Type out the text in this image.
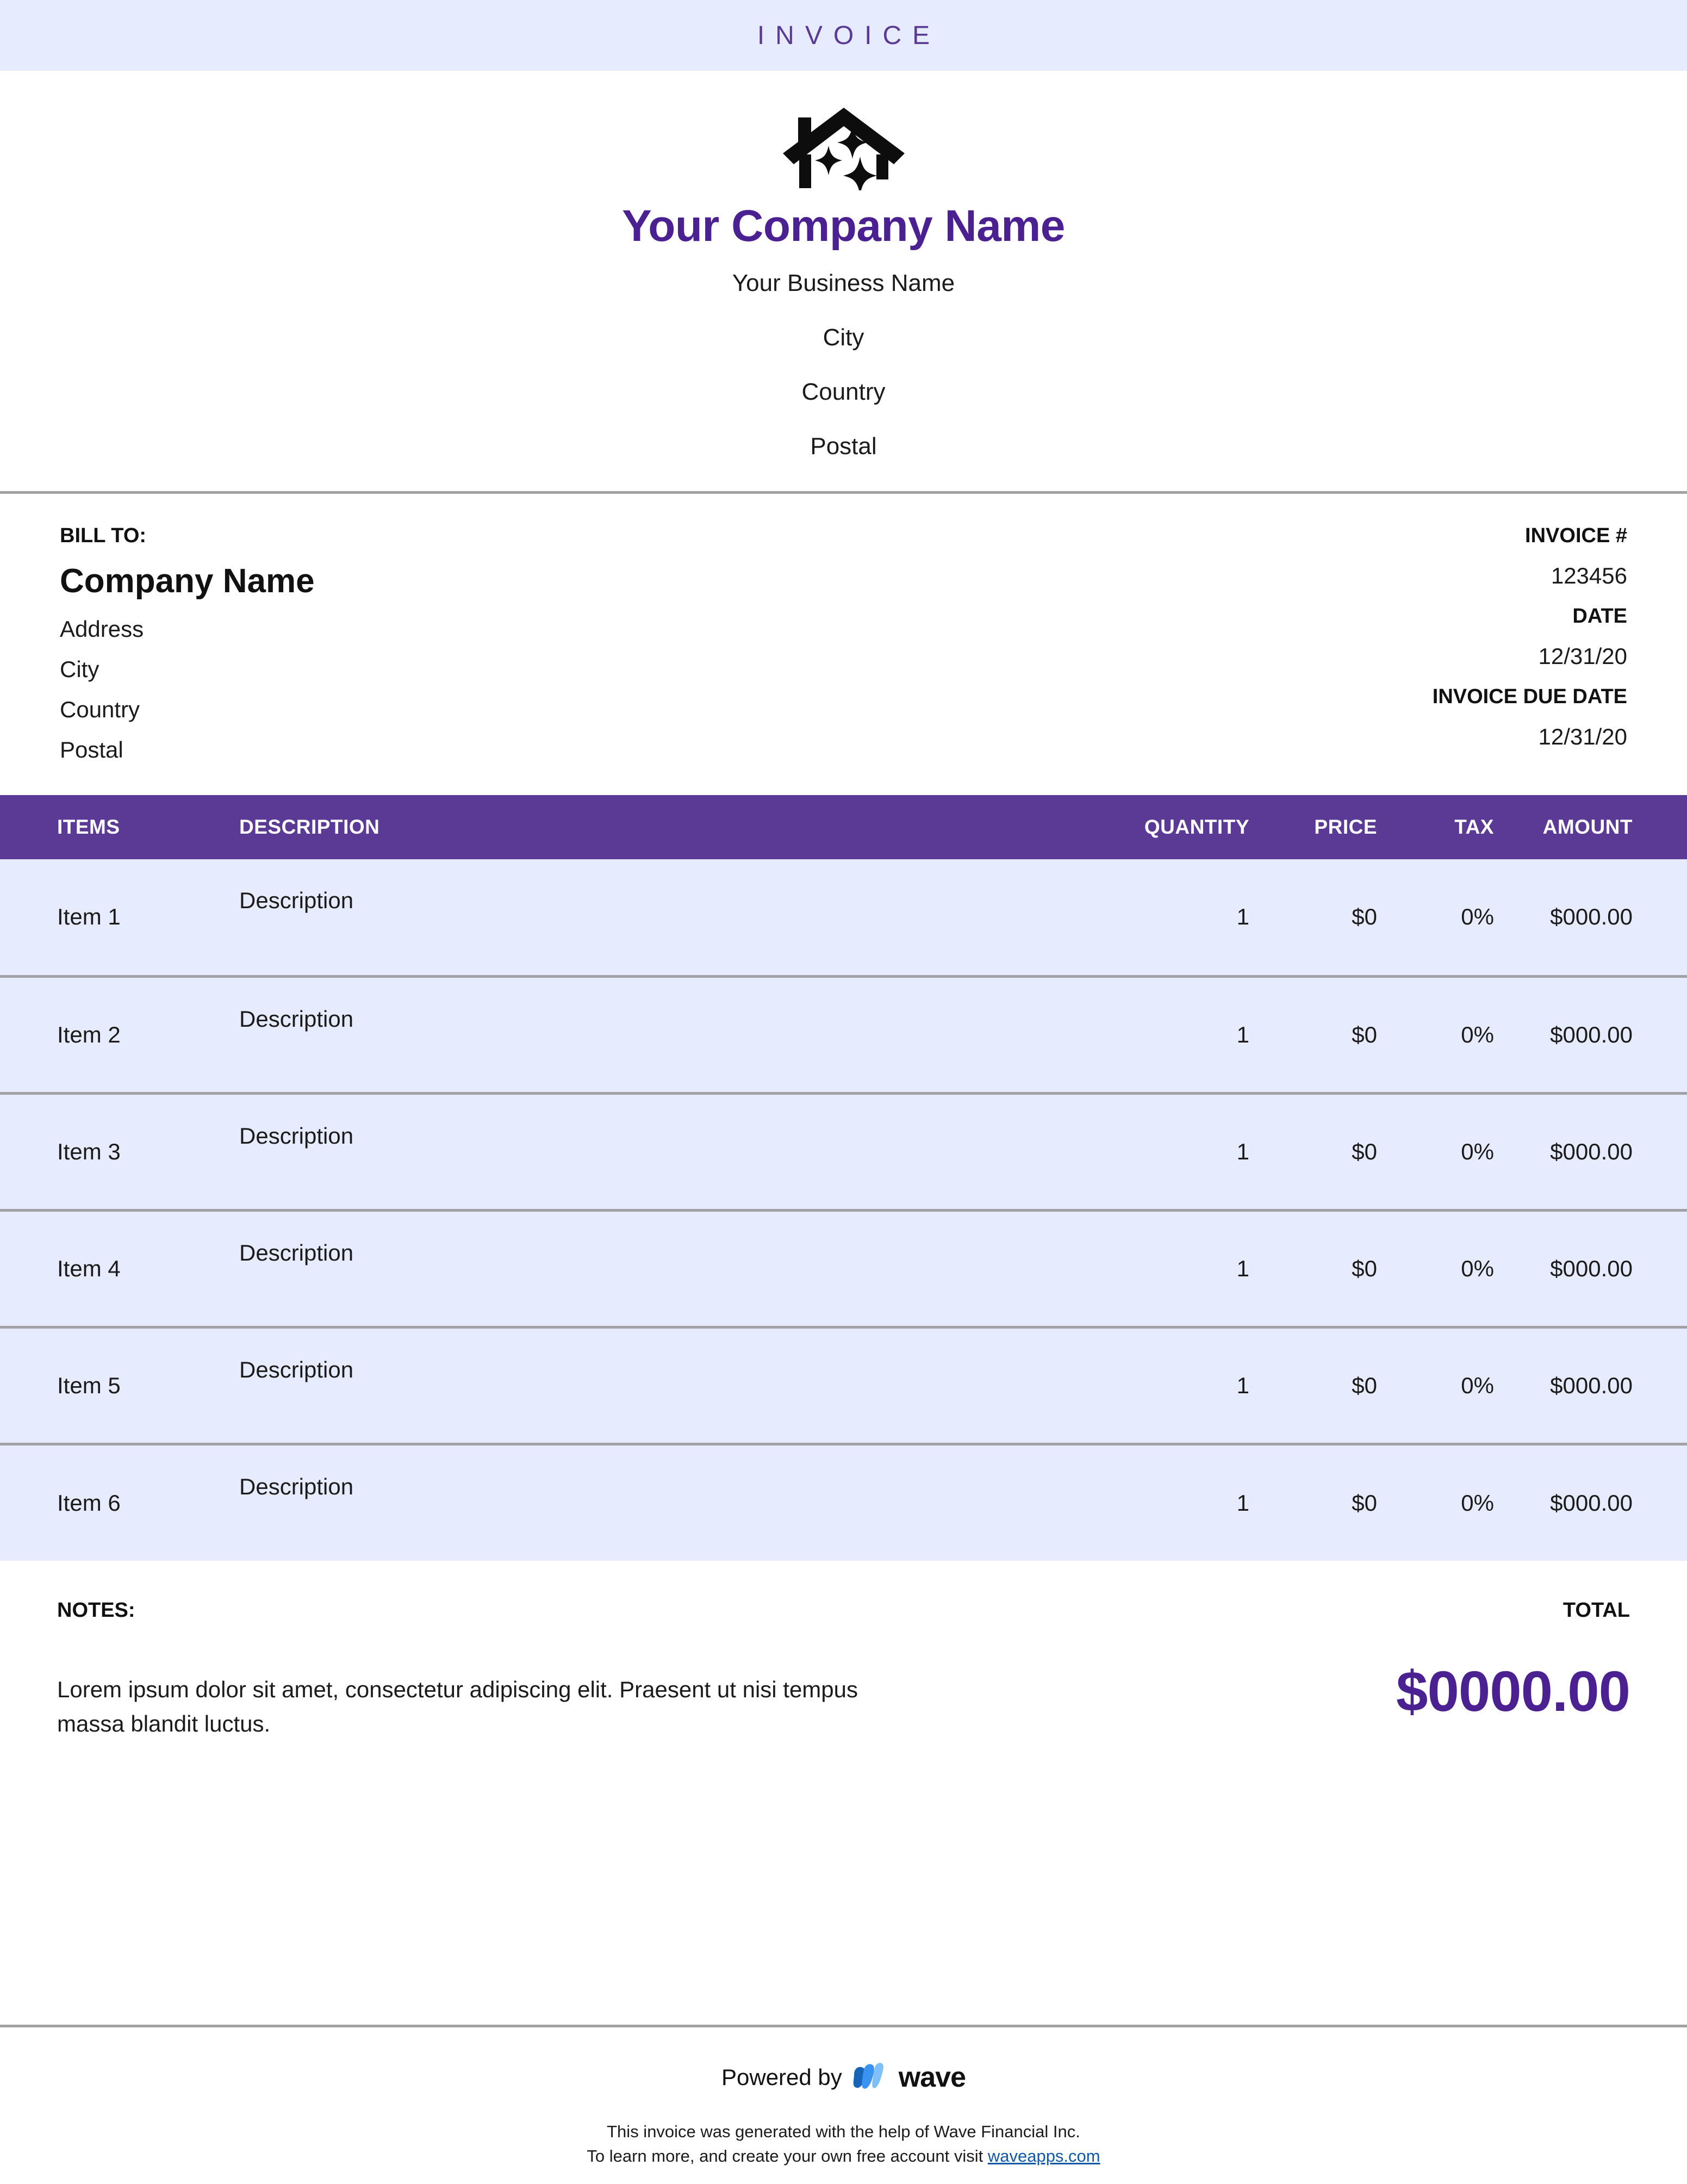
INVOICE
Your Company Name
Your Business Name
City
Country
Postal
BILL TO:
Company Name
Address
City
Country
Postal
INVOICE #
123456
DATE
12/31/20
INVOICE DUE DATE
12/31/20
ITEMS	DESCRIPTION	QUANTITY	PRICE	TAX	AMOUNT
Item 1	Description	1	$0	0%	$000.00
Item 2	Description	1	$0	0%	$000.00
Item 3	Description	1	$0	0%	$000.00
Item 4	Description	1	$0	0%	$000.00
Item 5	Description	1	$0	0%	$000.00
Item 6	Description	1	$0	0%	$000.00
NOTES:
Lorem ipsum dolor sit amet, consectetur adipiscing elit. Praesent ut nisi tempus massa blandit luctus.
TOTAL
$0000.00
Powered by wave
This invoice was generated with the help of Wave Financial Inc.
To learn more, and create your own free account visit waveapps.com
